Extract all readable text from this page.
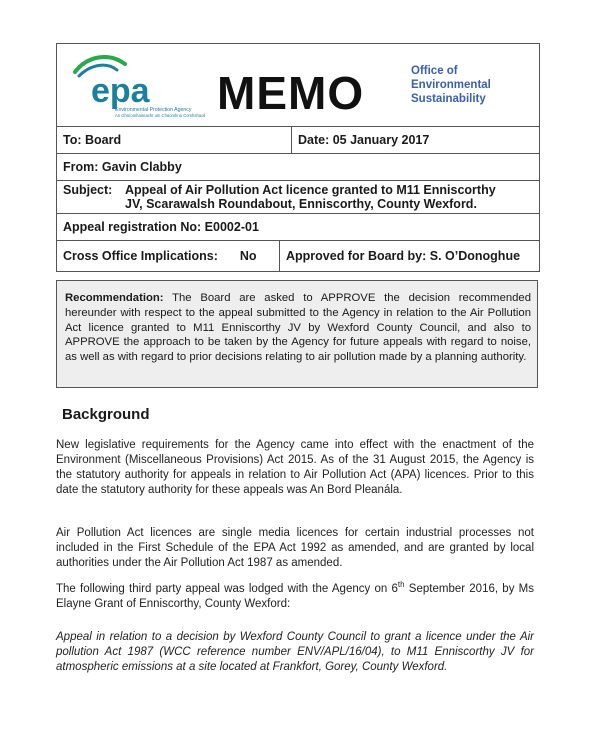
epa
Environmental Protection Agency
An Ghníomhaireacht um Chaomhnú Comhshaoil MEMO	Office of
Environmental
Sustainability
To: Board	Date: 05 January 2017
From: Gavin Clabby
Subject:	Appeal of Air Pollution Act licence granted to M11 Enniscorthy
JV, Scarawalsh Roundabout, Enniscorthy, County Wexford.
Appeal registration No: E0002-01
Cross Office Implications: No	Approved for Board by: S. O’Donoghue
Recommendation: The Board are asked to APPROVE the decision recommended hereunder with respect to the appeal submitted to the Agency in relation to the Air Pollution Act licence granted to M11 Enniscorthy JV by Wexford County Council, and also to APPROVE the approach to be taken by the Agency for future appeals with regard to noise, as well as with regard to prior decisions relating to air pollution made by a planning authority.
Background
New legislative requirements for the Agency came into effect with the enactment of the Environment (Miscellaneous Provisions) Act 2015. As of the 31 August 2015, the Agency is the statutory authority for appeals in relation to Air Pollution Act (APA) licences. Prior to this date the statutory authority for these appeals was An Bord Pleanála.
Air Pollution Act licences are single media licences for certain industrial processes not included in the First Schedule of the EPA Act 1992 as amended, and are granted by local authorities under the Air Pollution Act 1987 as amended.
The following third party appeal was lodged with the Agency on 6th September 2016, by Ms Elayne Grant of Enniscorthy, County Wexford:
Appeal in relation to a decision by Wexford County Council to grant a licence under the Air pollution Act 1987 (WCC reference number ENV/APL/16/04), to M11 Enniscorthy JV for atmospheric emissions at a site located at Frankfort, Gorey, County Wexford.
